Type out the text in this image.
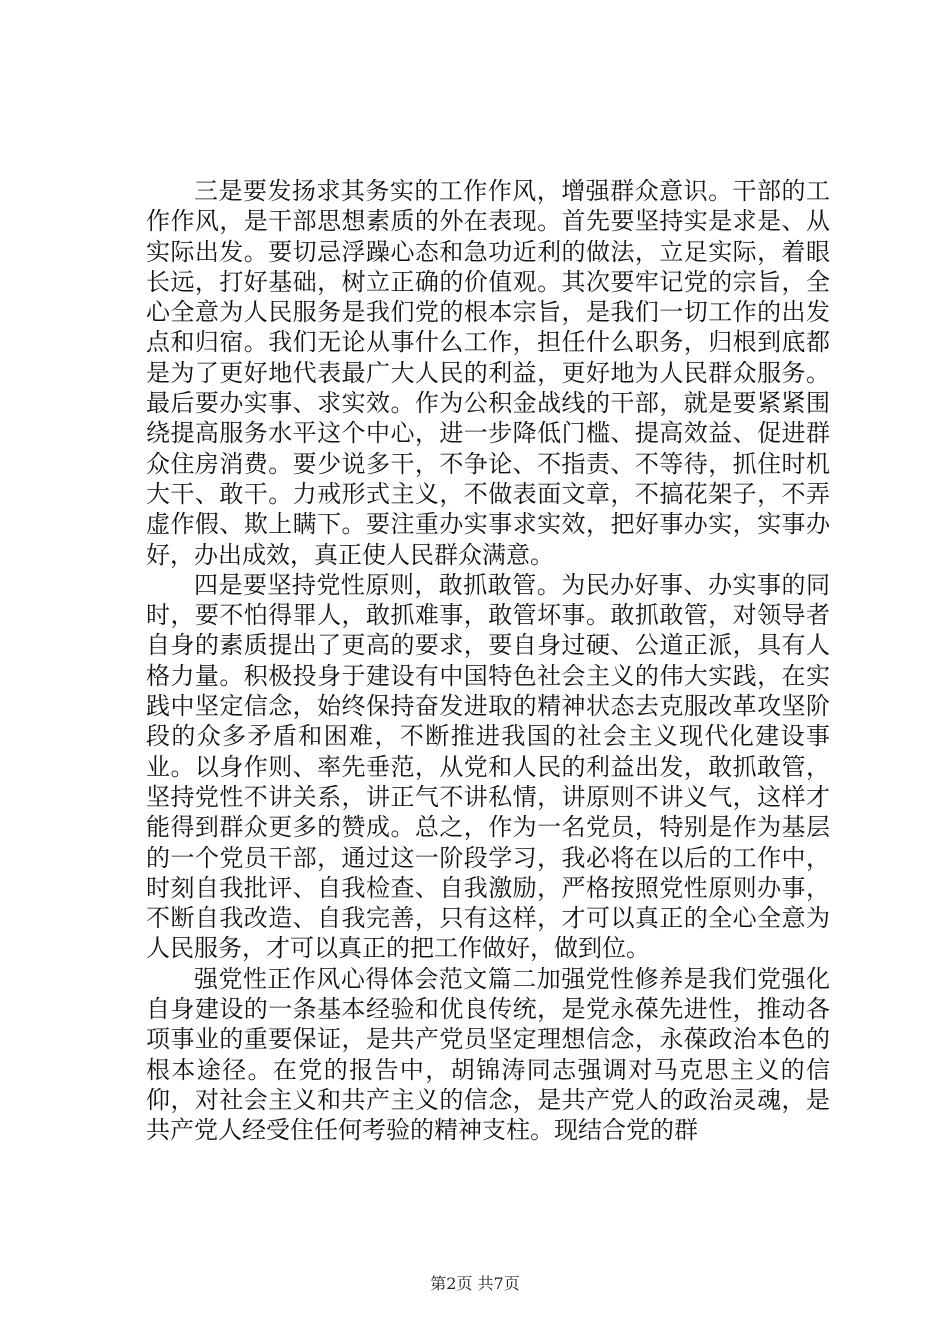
三是要发扬求其务实的工作作风，增强群众意识。干部的工作作风，是干部思想素质的外在表现。首先要坚持实是求是、从实际出发。要切忌浮躁心态和急功近利的做法，立足实际，着眼长远，打好基础，树立正确的价值观。其次要牢记党的宗旨，全心全意为人民服务是我们党的根本宗旨，是我们一切工作的出发点和归宿。我们无论从事什么工作，担任什么职务，归根到底都是为了更好地代表最广大人民的利益，更好地为人民群众服务。最后要办实事、求实效。作为公积金战线的干部，就是要紧紧围绕提高服务水平这个中心，进一步降低门槛、提高效益、促进群众住房消费。要少说多干，不争论、不指责、不等待，抓住时机大干、敢干。力戒形式主义，不做表面文章，不搞花架子，不弄虚作假、欺上瞒下。要注重办实事求实效，把好事办实，实事办好，办出成效，真正使人民群众满意。

四是要坚持党性原则，敢抓敢管。为民办好事、办实事的同时，要不怕得罪人，敢抓难事，敢管坏事。敢抓敢管，对领导者自身的素质提出了更高的要求，要自身过硬、公道正派，具有人格力量。积极投身于建设有中国特色社会主义的伟大实践，在实践中坚定信念，始终保持奋发进取的精神状态去克服改革攻坚阶段的众多矛盾和困难，不断推进我国的社会主义现代化建设事业。以身作则、率先垂范，从党和人民的利益出发，敢抓敢管，坚持党性不讲关系，讲正气不讲私情，讲原则不讲义气，这样才能得到群众更多的赞成。总之，作为一名党员，特别是作为基层的一个党员干部，通过这一阶段学习，我必将在以后的工作中，时刻自我批评、自我检查、自我激励，严格按照党性原则办事，不断自我改造、自我完善，只有这样，才可以真正的全心全意为人民服务，才可以真正的把工作做好，做到位。

强党性正作风心得体会范文篇二加强党性修养是我们党强化自身建设的一条基本经验和优良传统，是党永葆先进性，推动各项事业的重要保证，是共产党员坚定理想信念，永葆政治本色的根本途径。在党的报告中，胡锦涛同志强调对马克思主义的信仰，对社会主义和共产主义的信念，是共产党人的政治灵魂，是共产党人经受住任何考验的精神支柱。现结合党的群

第2页 共7页
